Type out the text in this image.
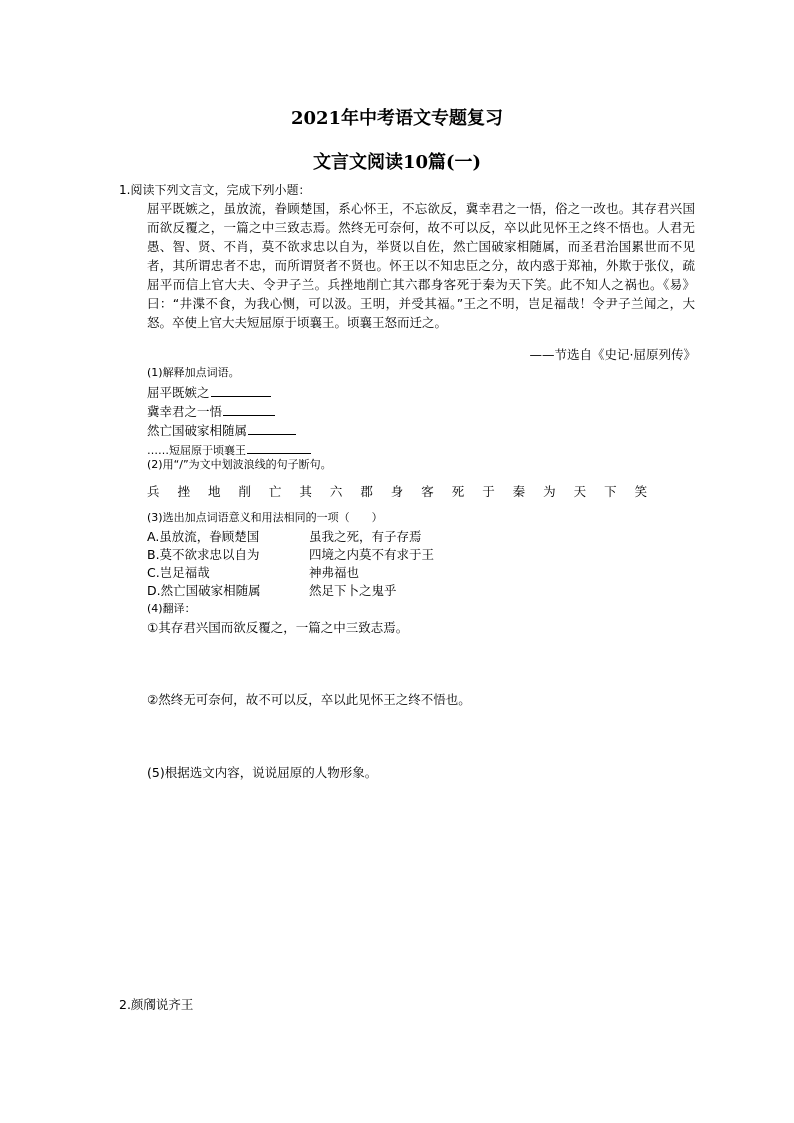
2021年中考语文专题复习
文言文阅读10篇(一)
1.阅读下列文言文，完成下列小题：
屈平既嫉之，虽放流，眷顾楚国，系心怀王，不忘欲反，冀幸君之一悟，俗之一改也。其存君兴国而欲反覆之，一篇之中三致志焉。然终无可奈何，故不可以反，卒以此见怀王之终不悟也。人君无愚、智、贤、不肖，莫不欲求忠以自为，举贤以自佐，然亡国破家相随属，而圣君治国累世而不见者，其所谓忠者不忠，而所谓贤者不贤也。怀王以不知忠臣之分，故内惑于郑袖，外欺于张仪，疏屈平而信上官大夫、令尹子兰。兵挫地削亡其六郡身客死于秦为天下笑。此不知人之祸也。《易》曰：“井渫不食，为我心恻，可以汲。王明，并受其福。”王之不明，岂足福哉！令尹子兰闻之，大怒。卒使上官大夫短屈原于顷襄王。顷襄王怒而迁之。
——节选自《史记·屈原列传》
(1)解释加点词语。
屈平既嫉之
冀幸君之一悟
然亡国破家相随属
……短屈原于顷襄王
(2)用“/”为文中划波浪线的句子断句。
兵 挫 地 削 亡 其 六 郡 身 客 死 于 秦 为 天 下 笑
(3)选出加点词语意义和用法相同的一项（　　）
A.虽放流，眷顾楚国	虽我之死，有子存焉
B.莫不欲求忠以自为	四境之内莫不有求于王
C.岂足福哉	神弗福也
D.然亡国破家相随属	然足下卜之鬼乎
(4)翻译：
①其存君兴国而欲反覆之，一篇之中三致志焉。
②然终无可奈何，故不可以反，卒以此见怀王之终不悟也。
(5)根据选文内容，说说屈原的人物形象。
2.颜斶说齐王
